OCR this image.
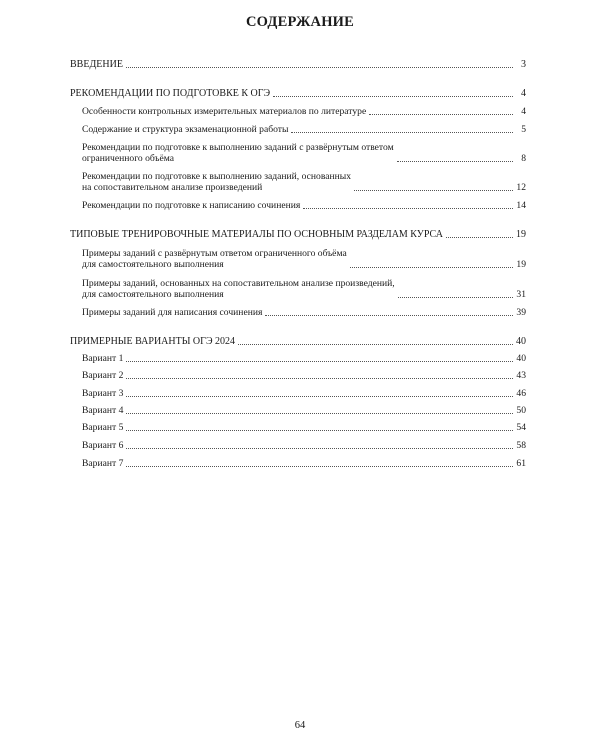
СОДЕРЖАНИЕ
ВВЕДЕНИЕ	3
РЕКОМЕНДАЦИИ ПО ПОДГОТОВКЕ К ОГЭ	4
Особенности контрольных измерительных материалов по литературе	4
Содержание и структура экзаменационной работы	5
Рекомендации по подготовке к выполнению заданий с развёрнутым ответом
ограниченного объёма	8
Рекомендации по подготовке к выполнению заданий, основанных
на сопоставительном анализе произведений	12
Рекомендации по подготовке к написанию сочинения	14
ТИПОВЫЕ ТРЕНИРОВОЧНЫЕ МАТЕРИАЛЫ ПО ОСНОВНЫМ РАЗДЕЛАМ КУРСА	19
Примеры заданий с развёрнутым ответом ограниченного объёма
для самостоятельного выполнения	19
Примеры заданий, основанных на сопоставительном анализе произведений,
для самостоятельного выполнения	31
Примеры заданий для написания сочинения	39
ПРИМЕРНЫЕ ВАРИАНТЫ ОГЭ 2024	40
Вариант 1	40
Вариант 2	43
Вариант 3	46
Вариант 4	50
Вариант 5	54
Вариант 6	58
Вариант 7	61
64
